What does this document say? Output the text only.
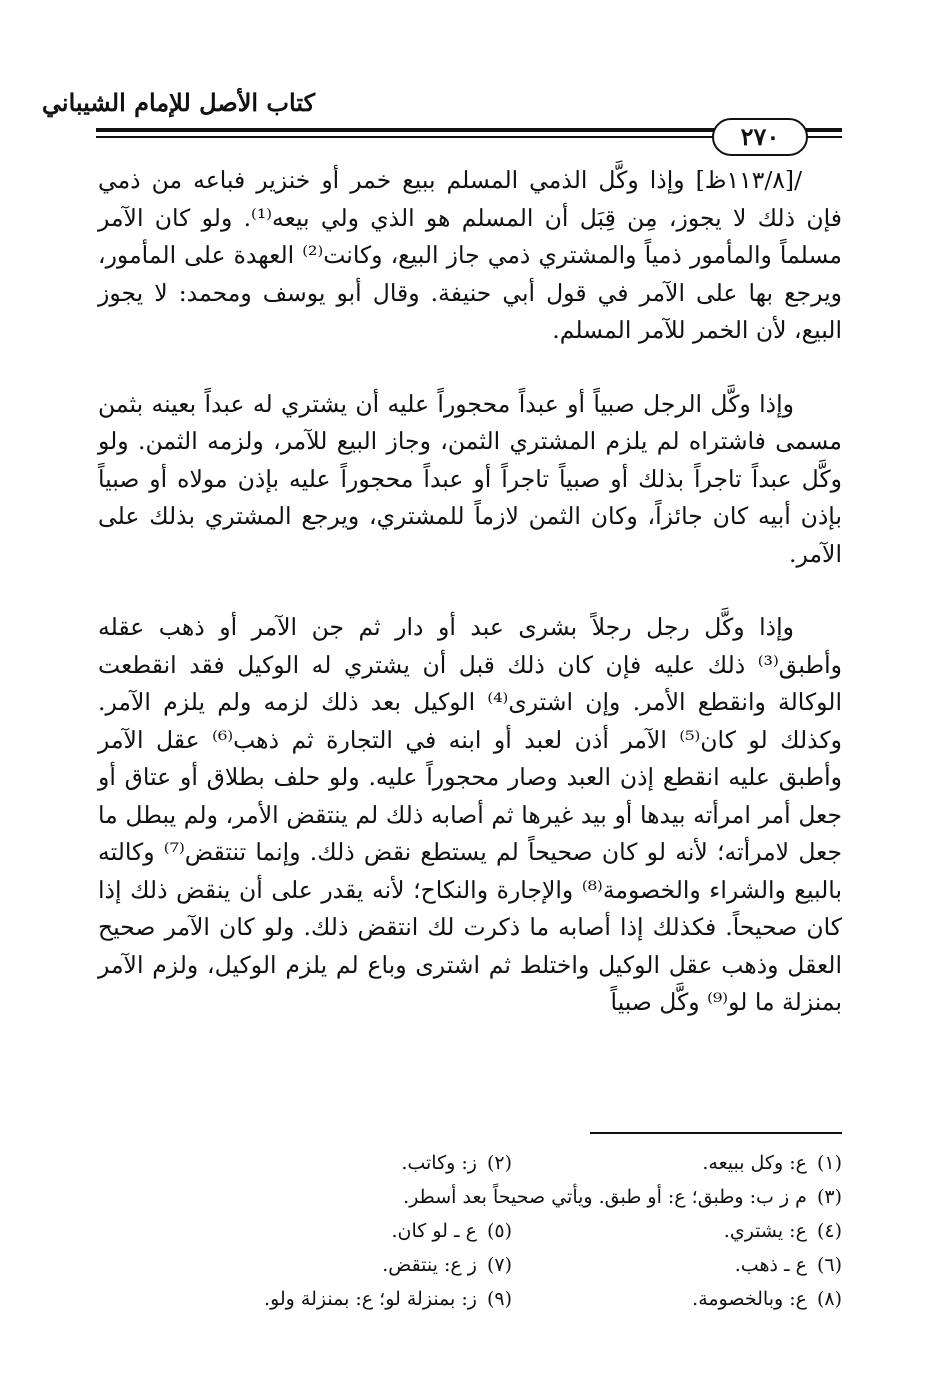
كتاب الأصل للإمام الشيباني
٢٧٠

/[١١٣/٨ظ] وإذا وكَّل الذمي المسلم ببيع خمر أو خنزير فباعه من ذمي فإن ذلك لا يجوز، مِن قِبَل أن المسلم هو الذي ولي بيعه⁽¹⁾. ولو كان الآمر مسلماً والمأمور ذمياً والمشتري ذمي جاز البيع، وكانت⁽²⁾ العهدة على المأمور، ويرجع بها على الآمر في قول أبي حنيفة. وقال أبو يوسف ومحمد: لا يجوز البيع، لأن الخمر للآمر المسلم.

وإذا وكَّل الرجل صبياً أو عبداً محجوراً عليه أن يشتري له عبداً بعينه بثمن مسمى فاشتراه لم يلزم المشتري الثمن، وجاز البيع للآمر، ولزمه الثمن. ولو وكَّل عبداً تاجراً بذلك أو صبياً تاجراً أو عبداً محجوراً عليه بإذن مولاه أو صبياً بإذن أبيه كان جائزاً، وكان الثمن لازماً للمشتري، ويرجع المشتري بذلك على الآمر.

وإذا وكَّل رجل رجلاً بشرى عبد أو دار ثم جن الآمر أو ذهب عقله وأطبق⁽³⁾ ذلك عليه فإن كان ذلك قبل أن يشتري له الوكيل فقد انقطعت الوكالة وانقطع الأمر. وإن اشترى⁽⁴⁾ الوكيل بعد ذلك لزمه ولم يلزم الآمر. وكذلك لو كان⁽⁵⁾ الآمر أذن لعبد أو ابنه في التجارة ثم ذهب⁽⁶⁾ عقل الآمر وأطبق عليه انقطع إذن العبد وصار محجوراً عليه. ولو حلف بطلاق أو عتاق أو جعل أمر امرأته بيدها أو بيد غيرها ثم أصابه ذلك لم ينتقض الأمر، ولم يبطل ما جعل لامرأته؛ لأنه لو كان صحيحاً لم يستطع نقض ذلك. وإنما تنتقض⁽⁷⁾ وكالته بالبيع والشراء والخصومة⁽⁸⁾ والإجارة والنكاح؛ لأنه يقدر على أن ينقض ذلك إذا كان صحيحاً. فكذلك إذا أصابه ما ذكرت لك انتقض ذلك. ولو كان الآمر صحيح العقل وذهب عقل الوكيل واختلط ثم اشترى وباع لم يلزم الوكيل، ولزم الآمر بمنزلة ما لو⁽⁹⁾ وكَّل صبياً

(١)ع: وكل ببيعه.
(٢)ز: وكاتب.
(٣)م ز ب: وطبق؛ ع: أو طبق. ويأتي صحيحاً بعد أسطر.
(٤)ع: يشتري.
(٥)ع ـ لو كان.
(٦)ع ـ ذهب.
(٧)ز ع: ينتقض.
(٨)ع: وبالخصومة.
(٩)ز: بمنزلة لو؛ ع: بمنزلة ولو.
